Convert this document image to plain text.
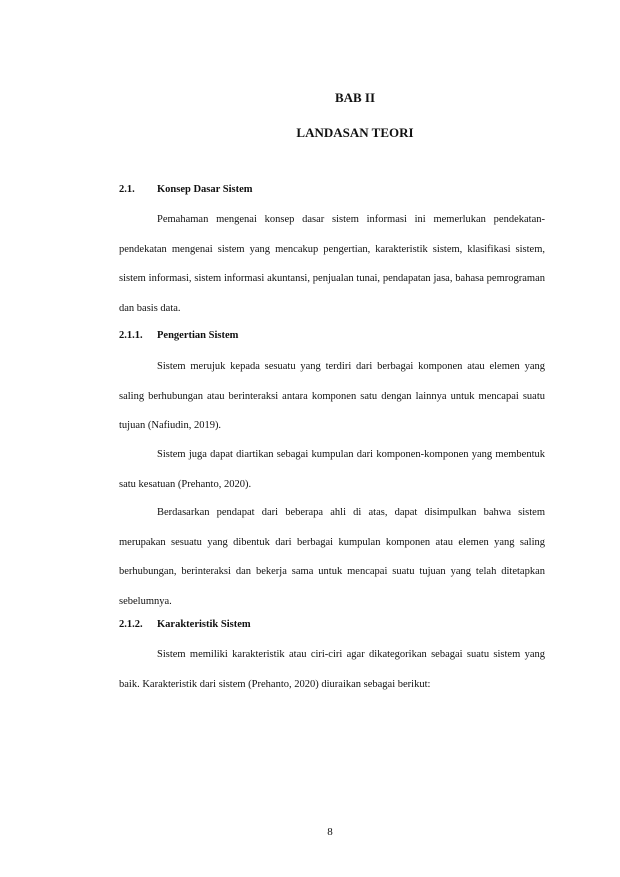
BAB II
LANDASAN TEORI
2.1. Konsep Dasar Sistem

Pemahaman mengenai konsep dasar sistem informasi ini memerlukan pendekatan-pendekatan mengenai sistem yang mencakup pengertian, karakteristik sistem, klasifikasi sistem, sistem informasi, sistem informasi akuntansi, penjualan tunai, pendapatan jasa, bahasa pemrograman dan basis data.

2.1.1. Pengertian Sistem

Sistem merujuk kepada sesuatu yang terdiri dari berbagai komponen atau elemen yang saling berhubungan atau berinteraksi antara komponen satu dengan lainnya untuk mencapai suatu tujuan (Nafiudin, 2019).

Sistem juga dapat diartikan sebagai kumpulan dari komponen-komponen yang membentuk satu kesatuan (Prehanto, 2020).

Berdasarkan pendapat dari beberapa ahli di atas, dapat disimpulkan bahwa sistem merupakan sesuatu yang dibentuk dari berbagai kumpulan komponen atau elemen yang saling berhubungan, berinteraksi dan bekerja sama untuk mencapai suatu tujuan yang telah ditetapkan sebelumnya.

2.1.2. Karakteristik Sistem

Sistem memiliki karakteristik atau ciri-ciri agar dikategorikan sebagai suatu sistem yang baik. Karakteristik dari sistem (Prehanto, 2020) diuraikan sebagai berikut:

8
